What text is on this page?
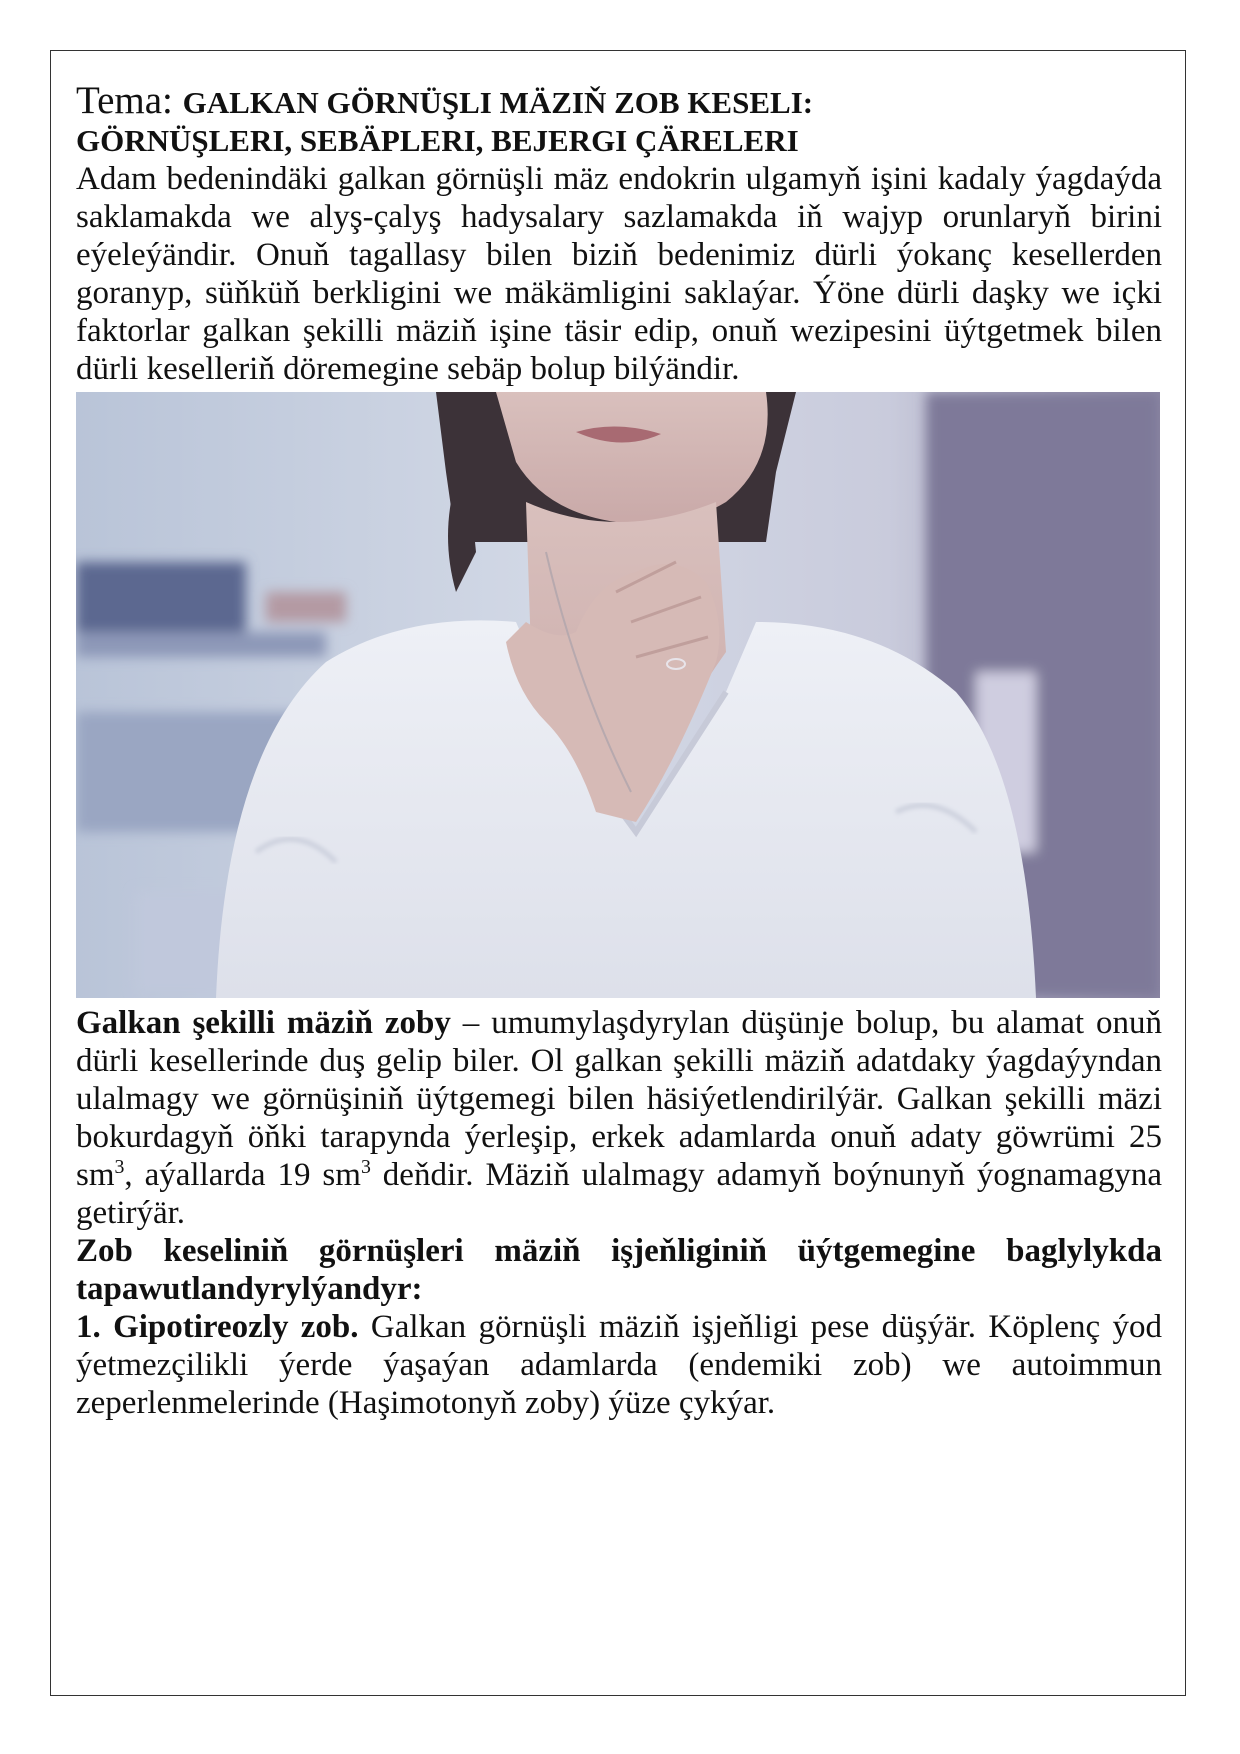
Tema: GALKAN GÖRNÜŞLI MÄZIŇ ZOB KESELI:
GÖRNÜŞLERI, SEBÄPLERI, BEJERGI ÇÄRELERI

Adam bedenindäki galkan görnüşli mäz endokrin ulgamyň işini kadaly ýagdaýda saklamakda we alyş-çalyş hadysalary sazlamakda iň wajyp orunlaryň birini eýeleýändir. Onuň tagallasy bilen biziň bedenimiz dürli ýokanç kesellerden goranyp, süňküň berkligini we mäkämligini saklaýar. Ýöne dürli daşky we içki faktorlar galkan şekilli mäziň işine täsir edip, onuň wezipesini üýtgetmek bilen dürli keselleriň döremegine sebäp bolup bilýändir.

Galkan şekilli mäziň zoby – umumylaşdyrylan düşünje bolup, bu alamat onuň dürli kesellerinde duş gelip biler. Ol galkan şekilli mäziň adatdaky ýagdaýyndan ulalmagy we görnüşiniň üýtgemegi bilen häsiýetlendirilýär. Galkan şekilli mäzi bokurdagyň öňki tarapynda ýerleşip, erkek adamlarda onuň adaty göwrümi 25 $sm^3$, aýallarda 19 $sm^3$ deňdir. Mäziň ulalmagy adamyň boýnunyň ýognamagyna getirýär.

Zob keseliniň görnüşleri mäziň işjeňliginiň üýtgemegine baglylykda tapawutlandyrylýandyr:

1. Gipotireozly zob. Galkan görnüşli mäziň işjeňligi pese düşýär. Köplenç ýod ýetmezçilikli ýerde ýaşaýan adamlarda (endemiki zob) we autoimmun zeperlenmelerinde (Haşimotonyň zoby) ýüze çykýar.
